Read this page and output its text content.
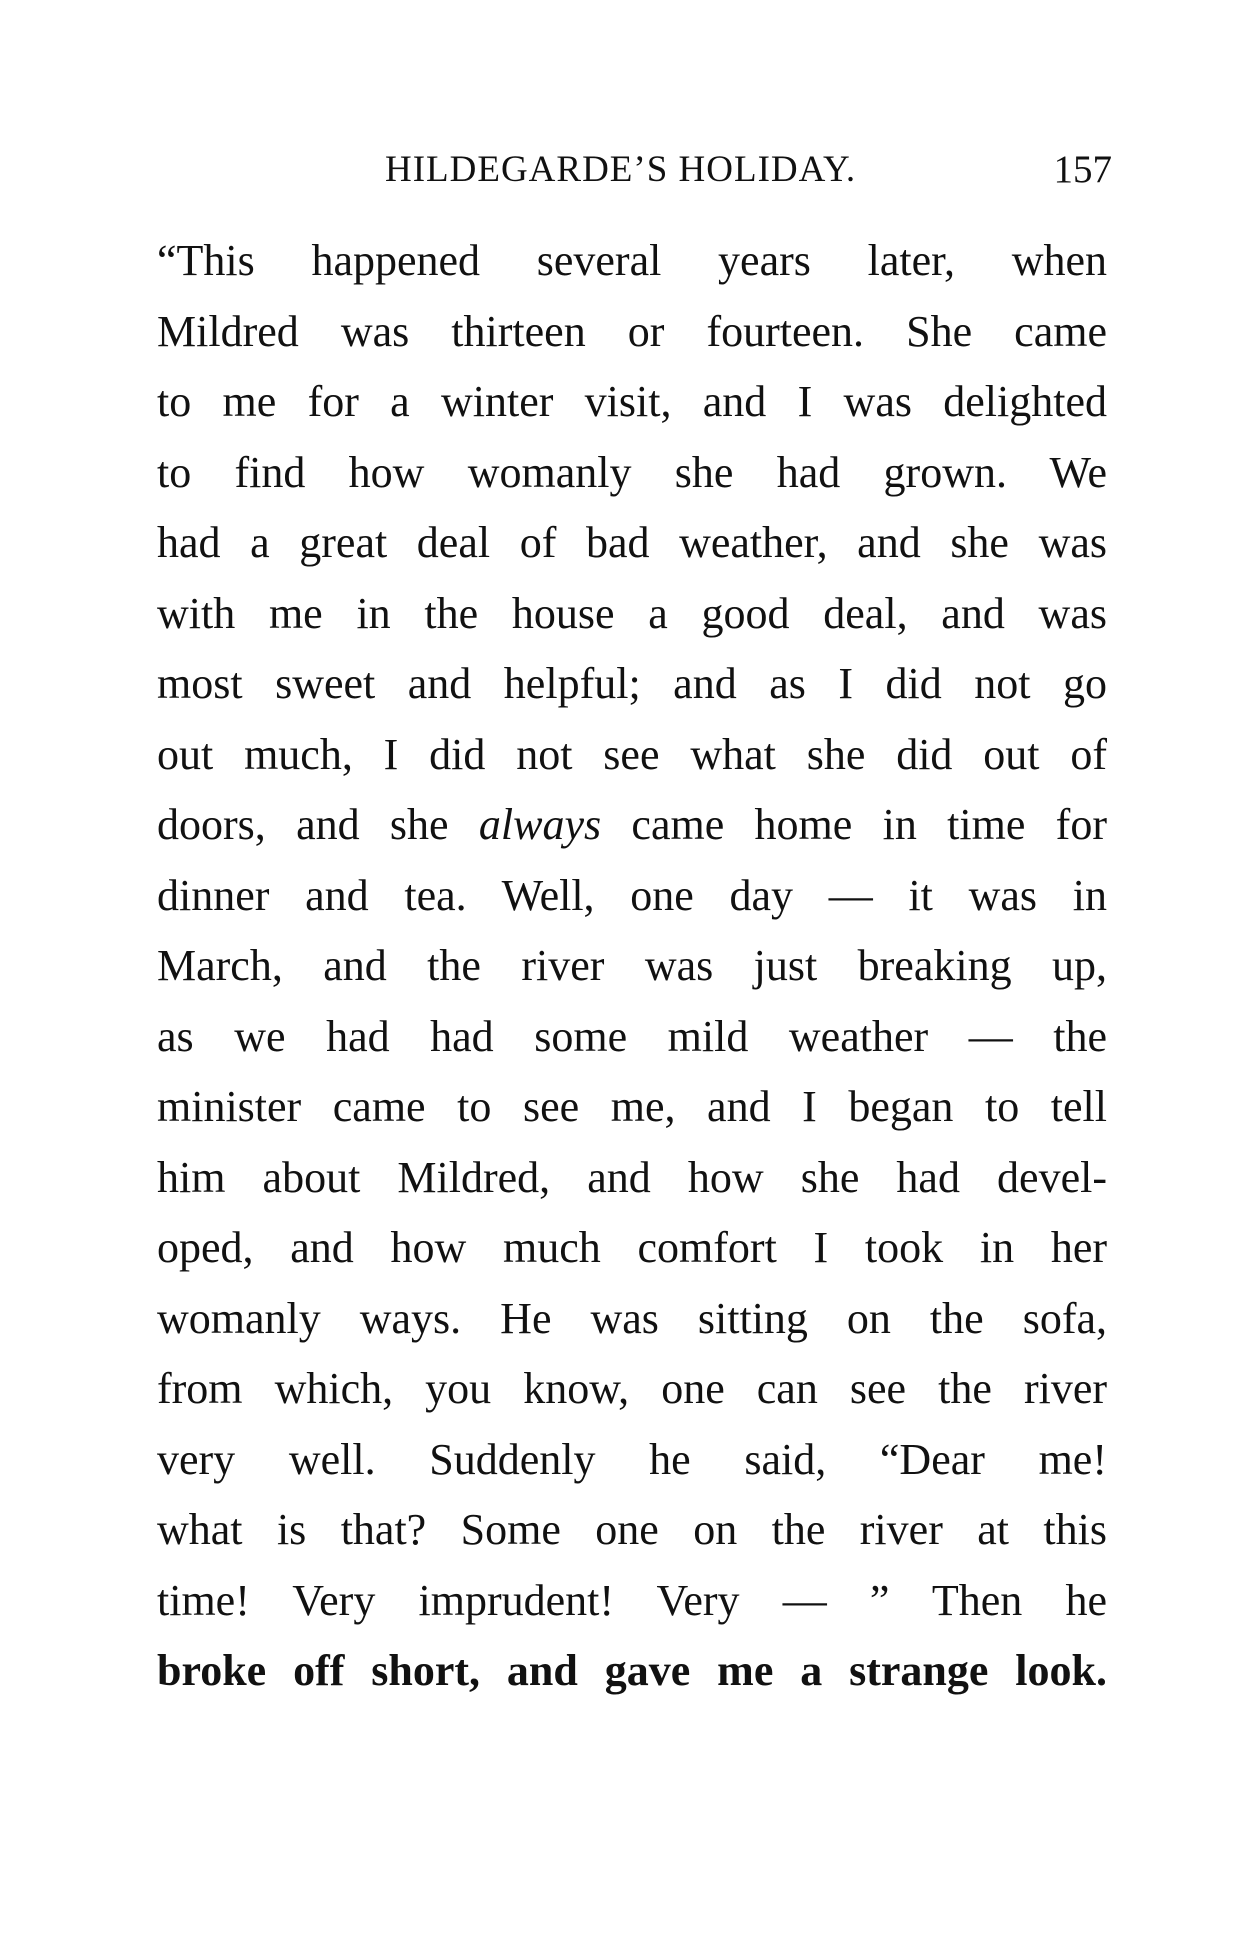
HILDEGARDE’S HOLIDAY.	157
“This happened several years later, when
Mildred was thirteen or fourteen. She came
to me for a winter visit, and I was delighted
to find how womanly she had grown. We
had a great deal of bad weather, and she was
with me in the house a good deal, and was
most sweet and helpful; and as I did not go
out much, I did not see what she did out of
doors, and she always came home in time for
dinner and tea. Well, one day — it was in
March, and the river was just breaking up,
as we had had some mild weather — the
minister came to see me, and I began to tell
him about Mildred, and how she had devel-
oped, and how much comfort I took in her
womanly ways. He was sitting on the sofa,
from which, you know, one can see the river
very well. Suddenly he said, “Dear me!
what is that? Some one on the river at this
time! Very imprudent! Very — ” Then he
broke off short, and gave me a strange look.
